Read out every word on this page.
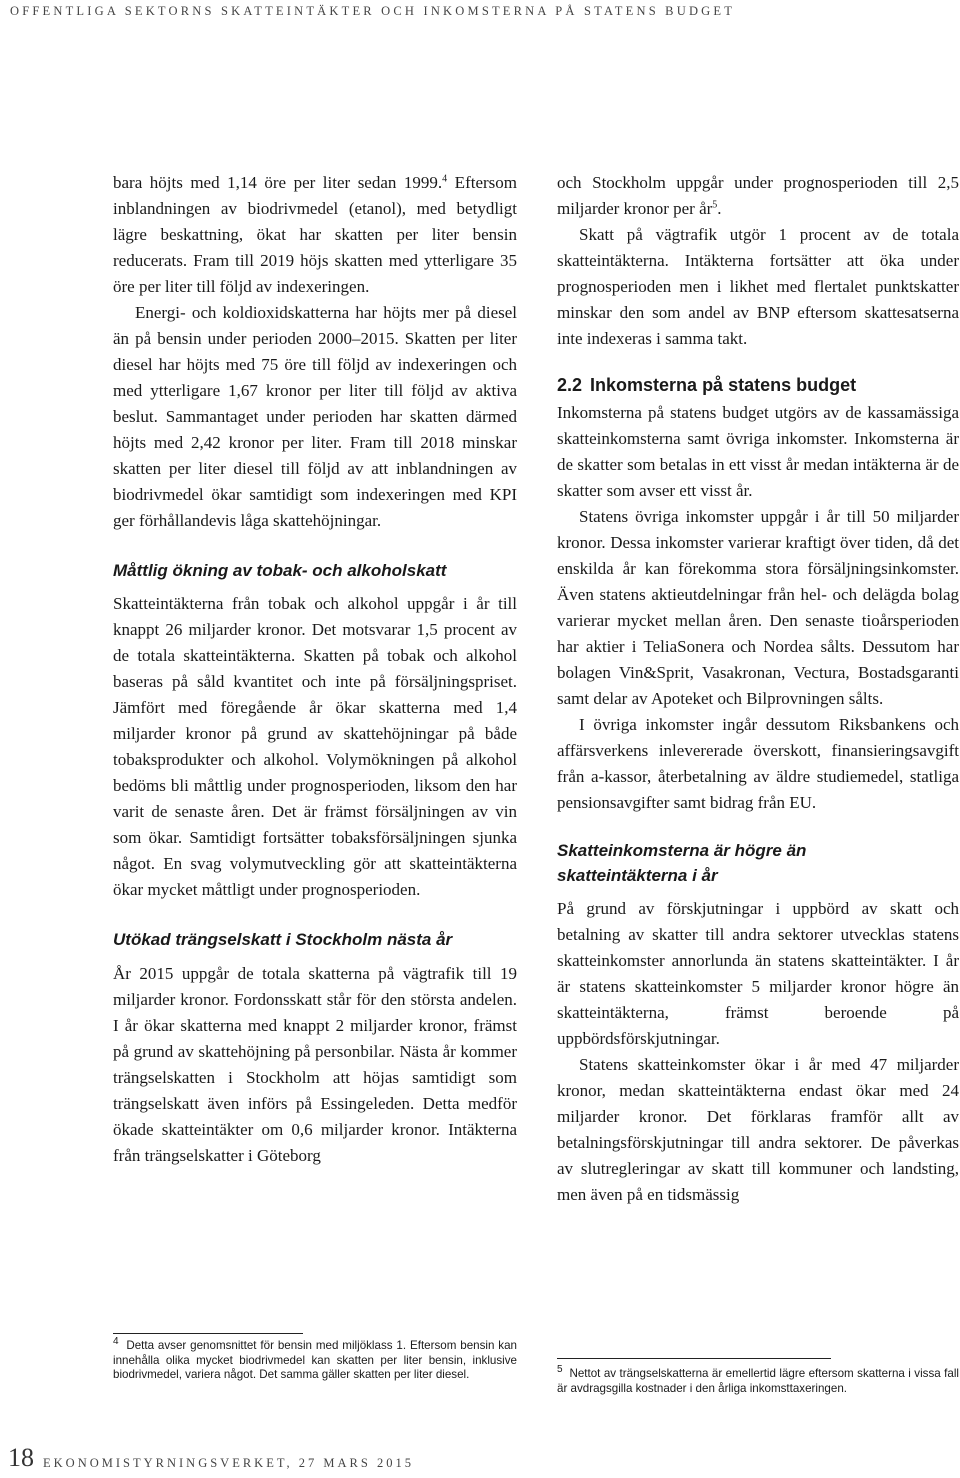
OFFENTLIGA SEKTORNS SKATTEINTÄKTER OCH INKOMSTERNA PÅ STATENS BUDGET

bara höjts med 1,14 öre per liter sedan 1999.$^4$ Eftersom inblandningen av biodrivmedel (etanol), med betydligt lägre beskattning, ökat har skatten per liter bensin reducerats. Fram till 2019 höjs skatten med ytterligare 35 öre per liter till följd av indexeringen.

Energi- och koldioxidskatterna har höjts mer på diesel än på bensin under perioden 2000–2015. Skatten per liter diesel har höjts med 75 öre till följd av indexeringen och med ytterligare 1,67 kronor per liter till följd av aktiva beslut. Sammantaget under perioden har skatten därmed höjts med 2,42 kronor per liter. Fram till 2018 minskar skatten per liter diesel till följd av att inblandningen av biodrivmedel ökar samtidigt som indexeringen med KPI ger förhållandevis låga skattehöjningar.

Måttlig ökning av tobak- och alkoholskatt

Skatteintäkterna från tobak och alkohol uppgår i år till knappt 26 miljarder kronor. Det motsvarar 1,5 procent av de totala skatteintäkterna. Skatten på tobak och alkohol baseras på såld kvantitet och inte på försäljningspriset. Jämfört med föregående år ökar skatterna med 1,4 miljarder kronor på grund av skattehöjningar på både tobaksprodukter och alkohol. Volymökningen på alkohol bedöms bli måttlig under prognosperioden, liksom den har varit de senaste åren. Det är främst försäljningen av vin som ökar. Samtidigt fortsätter tobaksförsäljningen sjunka något. En svag volymutveckling gör att skatteintäkterna ökar mycket måttligt under prognosperioden.

Utökad trängselskatt i Stockholm nästa år

År 2015 uppgår de totala skatterna på vägtrafik till 19 miljarder kronor. Fordonsskatt står för den största andelen. I år ökar skatterna med knappt 2 miljarder kronor, främst på grund av skattehöjning på personbilar. Nästa år kommer trängselskatten i Stockholm att höjas samtidigt som trängselskatt även införs på Essingeleden. Detta medför ökade skatteintäkter om 0,6 miljarder kronor. Intäkterna från trängselskatter i Göteborg

och Stockholm uppgår under prognosperioden till 2,5 miljarder kronor per $år^5$.

Skatt på vägtrafik utgör 1 procent av de totala skatteintäkterna. Intäkterna fortsätter att öka under prognosperioden men i likhet med flertalet punktskatter minskar den som andel av BNP eftersom skattesatserna inte indexeras i samma takt.

2.2 Inkomsterna på statens budget

Inkomsterna på statens budget utgörs av de kassamässiga skatteinkomsterna samt övriga inkomster. Inkomsterna är de skatter som betalas in ett visst år medan intäkterna är de skatter som avser ett visst år.

Statens övriga inkomster uppgår i år till 50 miljarder kronor. Dessa inkomster varierar kraftigt över tiden, då det enskilda år kan förekomma stora försäljningsinkomster. Även statens aktieutdelningar från hel- och delägda bolag varierar mycket mellan åren. Den senaste tioårsperioden har aktier i TeliaSonera och Nordea sålts. Dessutom har bolagen Vin&Sprit, Vasakronan, Vectura, Bostadsgaranti samt delar av Apoteket och Bilprovningen sålts.

I övriga inkomster ingår dessutom Riksbankens och affärsverkens inlevererade överskott, finansieringsavgift från a-kassor, återbetalning av äldre studiemedel, statliga pensionsavgifter samt bidrag från EU.

Skatteinkomsterna är högre än
skatteintäkterna i år

På grund av förskjutningar i uppbörd av skatt och betalning av skatter till andra sektorer utvecklas statens skatteinkomster annorlunda än statens skatteintäkter. I år är statens skatteinkomster 5 miljarder kronor högre än skatteintäkterna, främst beroende på uppbördsförskjutningar.

Statens skatteinkomster ökar i år med 47 miljarder kronor, medan skatteintäkterna endast ökar med 24 miljarder kronor. Det förklaras framför allt av betalningsförskjutningar till andra sektorer. De påverkas av slutregleringar av skatt till kommuner och landsting, men även på en tidsmässig

$^4$ Detta avser genomsnittet för bensin med miljöklass 1. Eftersom bensin kan innehålla olika mycket biodrivmedel kan skatten per liter bensin, inklusive biodrivmedel, variera något. Det samma gäller skatten per liter diesel.	$^5$ Nettot av trängselskatterna är emellertid lägre eftersom skatterna i vissa fall är avdragsgilla kostnader i den årliga inkomsttaxeringen.
18 EKONOMISTYRNINGSVERKET, 27 MARS 2015
